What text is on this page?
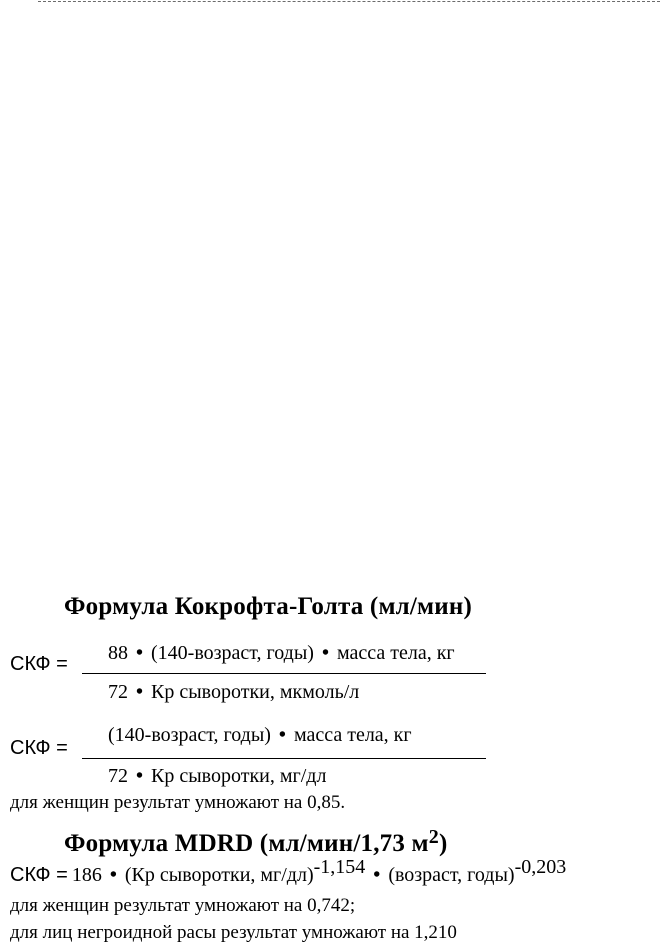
Формула Кокрофта-Голта (мл/мин)
СКФ = 88 • (140-возраст, годы) • масса тела, кг
72 • Кр сыворотки, мкмоль/л
СКФ =
(140-возраст, годы) • масса тела, кг
72 • Кр сыворотки, мг/дл
для женщин результат умножают на 0,85.
Формула MDRD (мл/мин/1,73 $м^2$)
СКФ = 186 • (Кр сыворотки, мг/дл)$^{-1,154}$ • (возраст, годы)$^{-0,203}$
для женщин результат умножают на 0,742;
для лиц негроидной расы результат умножают на 1,210
